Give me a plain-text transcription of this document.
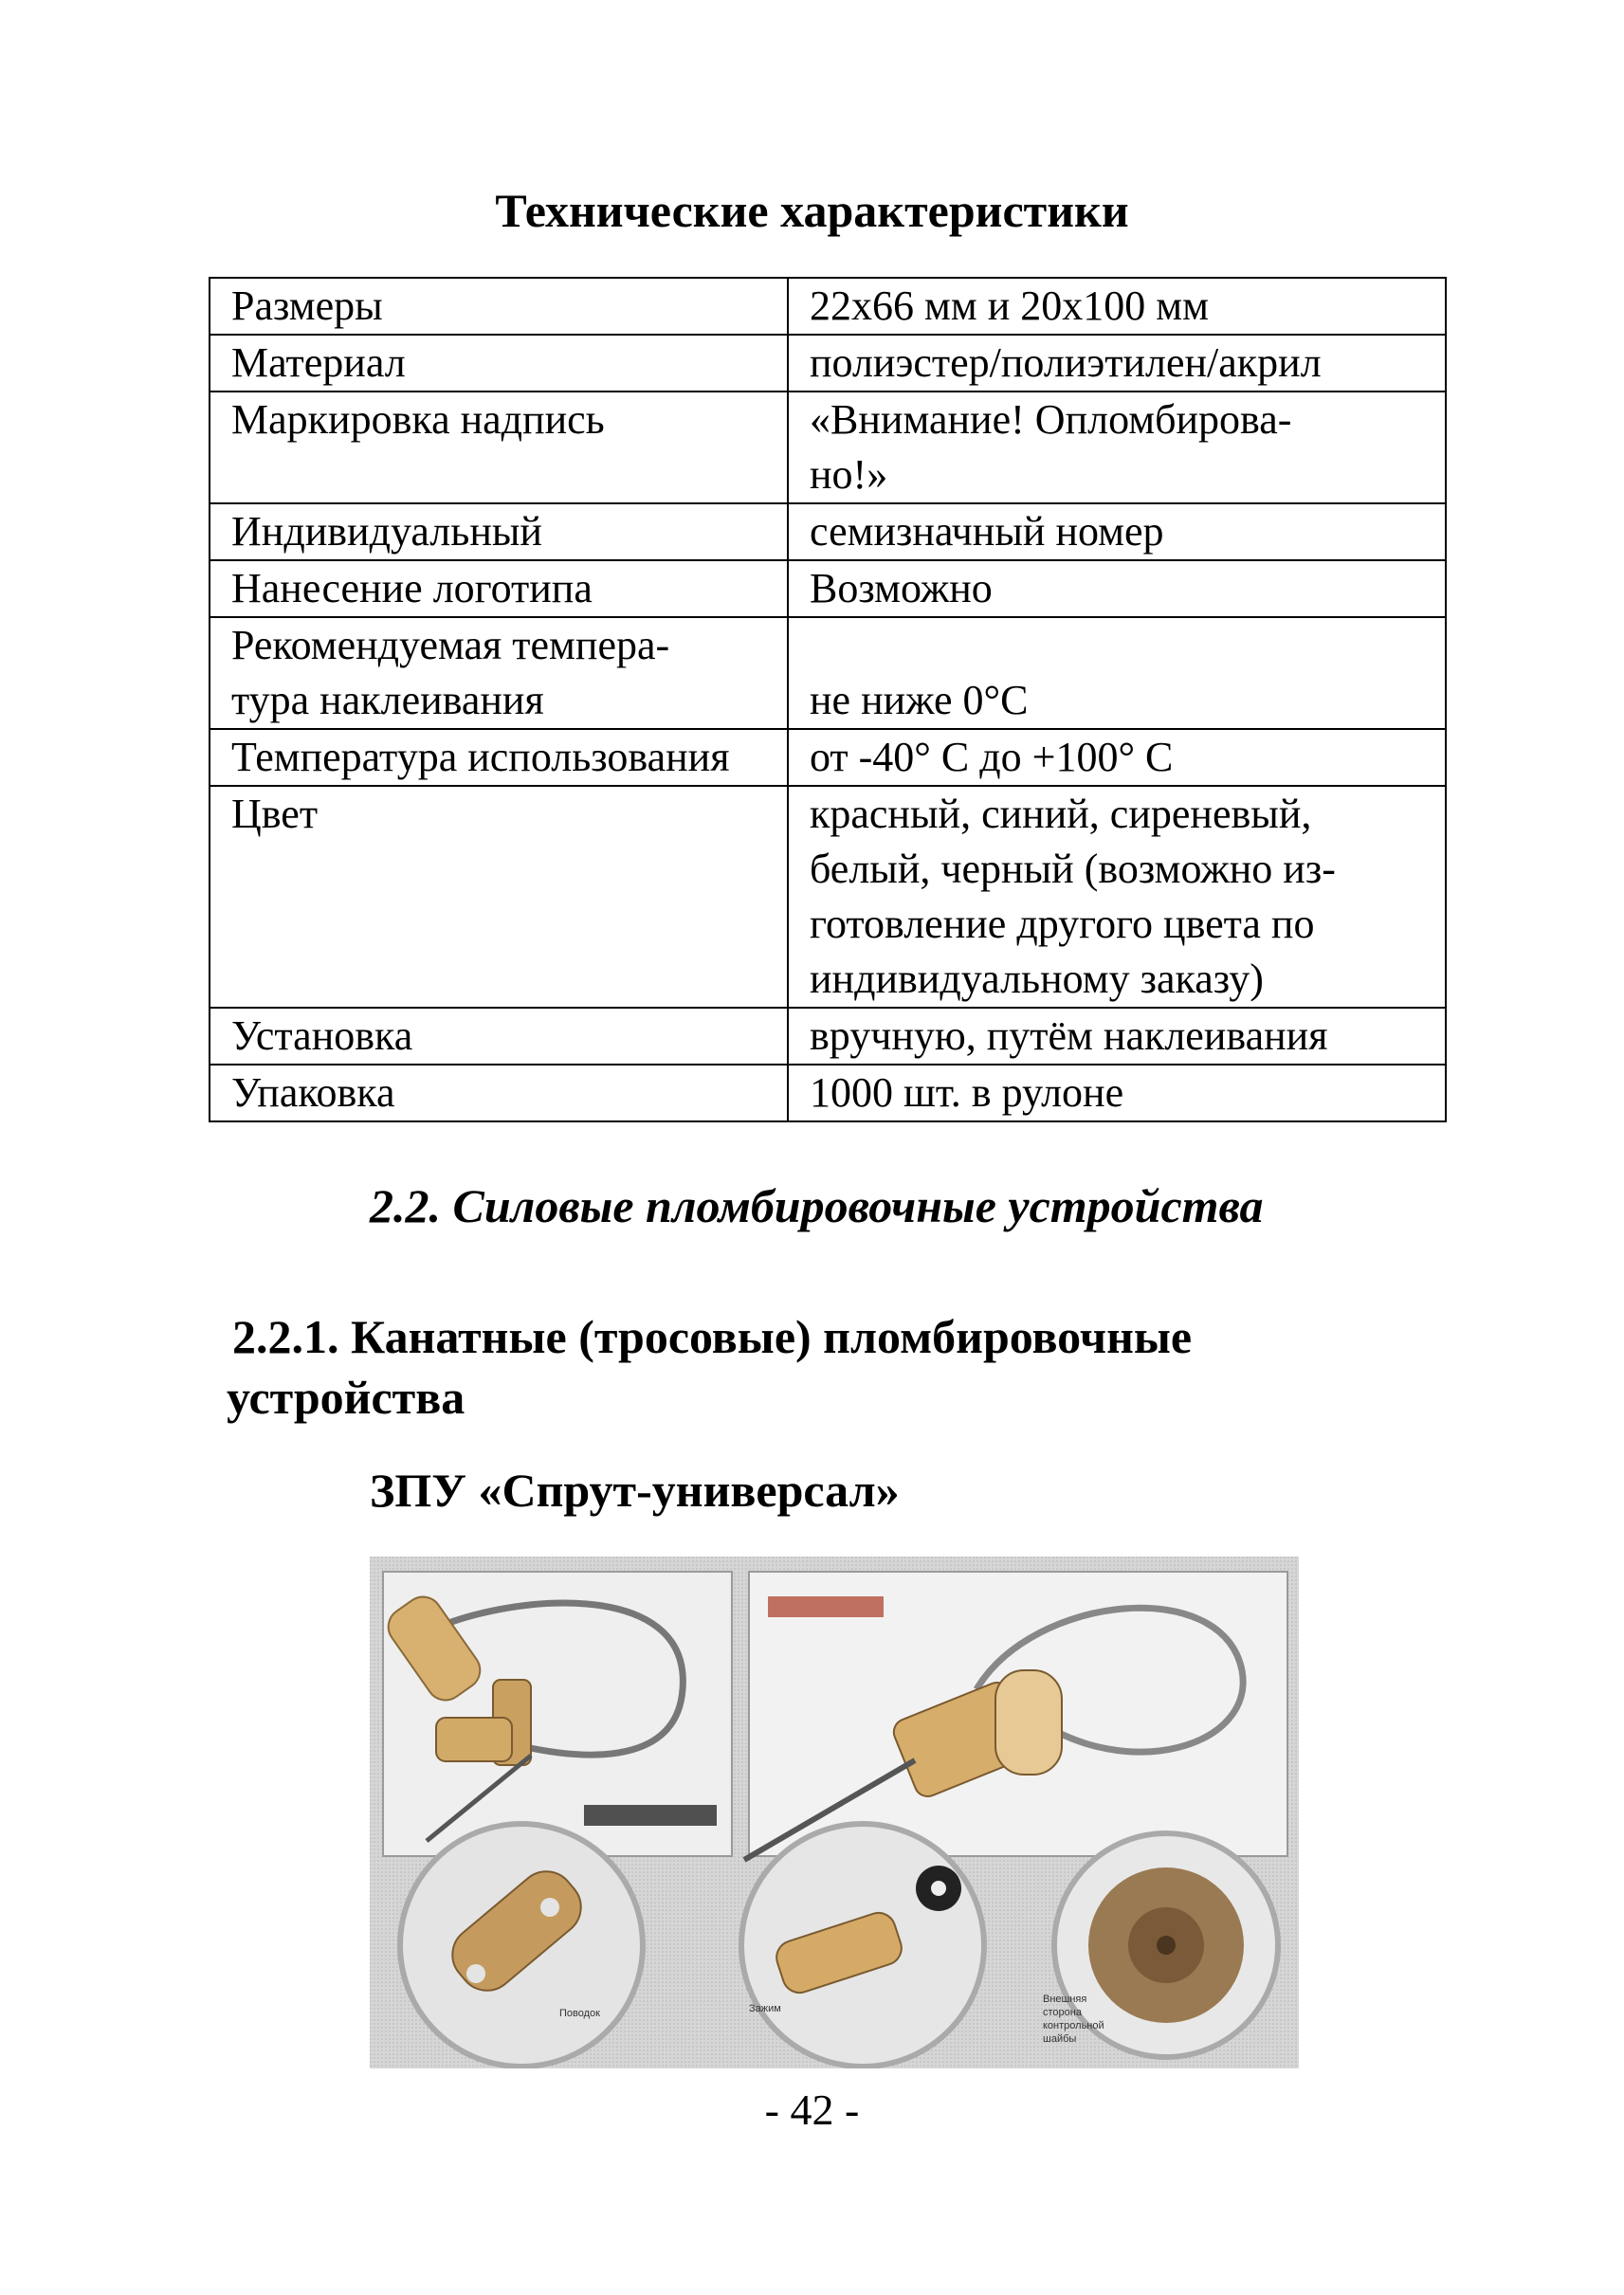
Технические характеристики
Размеры	22х66 мм и 20х100 мм
Материал	полиэстер/полиэтилен/акрил
Маркировка надпись	«Внимание! Опломбирова-
но!»
Индивидуальный	семизначный номер
Нанесение логотипа	Возможно
Рекомендуемая темпера-
тура наклеивания	не ниже 0°С
Температура использования	от -40° С до +100° С
Цвет	красный, синий, сиреневый,
белый, черный (возможно из-
готовление другого цвета по
индивидуальному заказу)
Установка	вручную, путём наклеивания
Упаковка	1000 шт. в рулоне
2.2. Силовые пломбировочные устройства
2.2.1. Канатные (тросовые) пломбировочные
устройства
ЗПУ «Спрут-универсал»
Поводок	Зажим
Внешняя
сторона
контрольной
шайбы
- 42 -
